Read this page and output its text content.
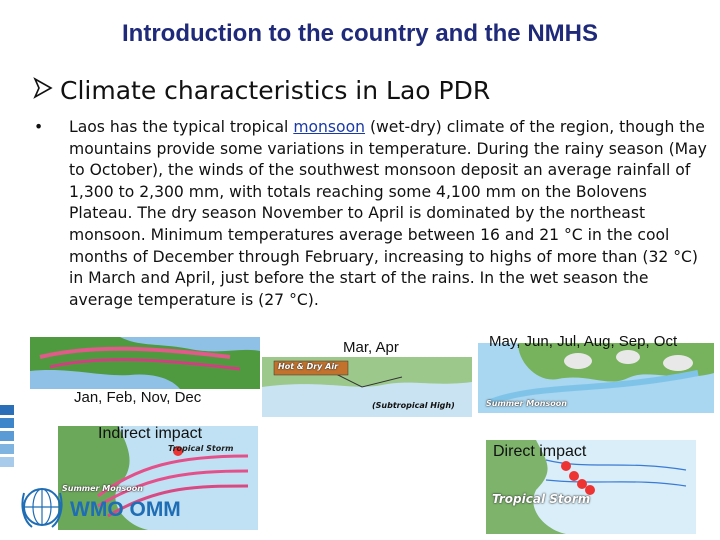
Introduction to the country and the NMHS
Climate characteristics in Lao PDR
• Laos has the typical tropical monsoon (wet-dry) climate of the region, though the mountains provide some variations in temperature. During the rainy season (May to October), the winds of the southwest monsoon deposit an average rainfall of 1,300 to 2,300 mm, with totals reaching some 4,100 mm on the Bolovens Plateau. The dry season November to April is dominated by the northeast monsoon. Minimum temperatures average between 16 and 21 °C in the cool months of December through February, increasing to highs of more than (32 °C) in March and April, just before the start of the rains. In the wet season the average temperature is (27 °C).
Hot & Dry Air
(Subtropical High)	Summer Monsoon
Tropical Storm
Summer Monsoon
Tropical Storm
Mar, Apr	May, Jun, Jul, Aug, Sep, Oct
Jan, Feb, Nov, Dec
Indirect impact
Direct impact
WMO OMM
